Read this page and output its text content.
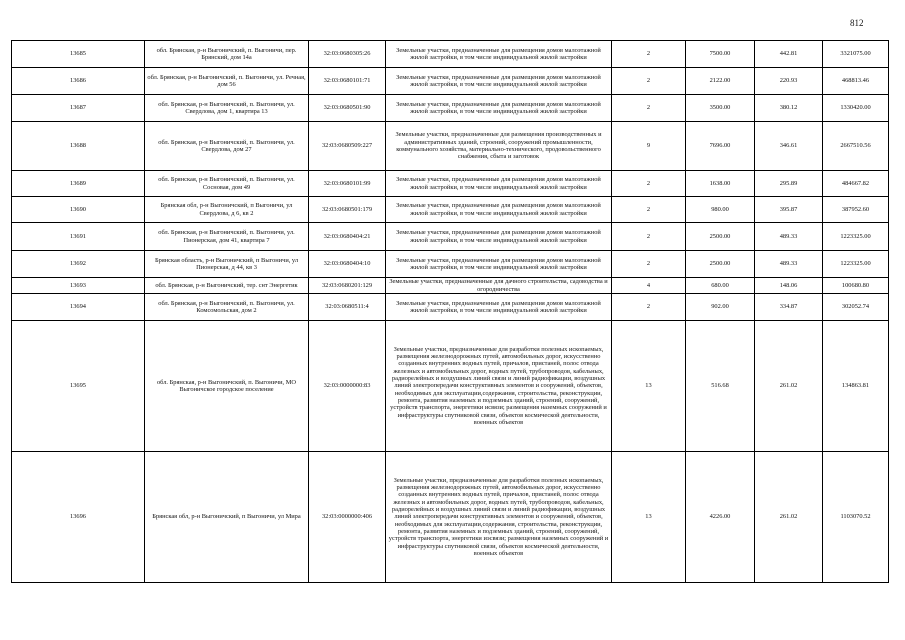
812
13685	обл. Брянская, р-н Выгоничский, п. Выгоничи, пер. Брянский, дом 14а	32:03:0680305:26	Земельные участки, предназначенные для размещения домов малоэтажной жилой застройки, в том числе индивидуальной жилой застройки	2	7500.00	442.81	3321075.00
13686	обл. Брянская, р-н Выгоничский, п. Выгоничи, ул. Речная, дом 56	32:03:0680101:71	Земельные участки, предназначенные для размещения домов малоэтажной жилой застройки, в том числе индивидуальной жилой застройки	2	2122.00	220.93	468813.46
13687	обл. Брянская, р-н Выгоничский, п. Выгоничи, ул. Свердлова, дом 1, квартира 13	32:03:0680501:90	Земельные участки, предназначенные для размещения домов малоэтажной жилой застройки, в том числе индивидуальной жилой застройки	2	3500.00	380.12	1330420.00
13688	обл. Брянская, р-н Выгоничский, п. Выгоничи, ул. Свердлова, дом 27	32:03:0680509:227	Земельные участки, предназначенные для размещения производственных и административных зданий, строений, сооружений промышленности, коммунального хозяйства, материально-технического, продовольственного снабжения, сбыта и заготовок	9	7696.00	346.61	2667510.56
13689	обл. Брянская, р-н Выгоничский, п. Выгоничи, ул. Сосновая, дом 49	32:03:0680101:99	Земельные участки, предназначенные для размещения домов малоэтажной жилой застройки, в том числе индивидуальной жилой застройки	2	1638.00	295.89	484667.82
13690	Брянская обл, р-н Выгоничский, п Выгоничи, ул Свердлова, д 6, кв 2	32:03:0680501:179	Земельные участки, предназначенные для размещения домов малоэтажной жилой застройки, в том числе индивидуальной жилой застройки	2	980.00	395.87	387952.60
13691	обл. Брянская, р-н Выгоничский, п. Выгоничи, ул. Пионерская, дом 41, квартира 7	32:03:0680404:21	Земельные участки, предназначенные для размещения домов малоэтажной жилой застройки, в том числе индивидуальной жилой застройки	2	2500.00	489.33	1223325.00
13692	Брянская область, р-н Выгоничский, п Выгоничи, ул Пионерская, д 44, кв 3	32:03:0680404:10	Земельные участки, предназначенные для размещения домов малоэтажной жилой застройки, в том числе индивидуальной жилой застройки	2	2500.00	489.33	1223325.00
13693	обл. Брянская, р-н Выгоничский, тер. снт Энергетик	32:03:0680201:129	Земельные участки, предназначенные для дачного строительства, садоводства и огородничества	4	680.00	148.06	100680.80
13694	обл. Брянская, р-н Выгоничский, п. Выгоничи, ул. Комсомольская, дом 2	32:03:0680511:4	Земельные участки, предназначенные для размещения домов малоэтажной жилой застройки, в том числе индивидуальной жилой застройки	2	902.00	334.87	302052.74
13695	обл. Брянская, р-н Выгоничский, п. Выгоничи, МО Выгоничское городское поселение	32:03:0000000:83	Земельные участки, предназначенные для разработки полезных ископаемых, размещения железнодорожных путей, автомобильных дорог, искусственно созданных внутренних водных путей, причалов, пристаней, полос отвода железных и автомобильных дорог, водных путей, трубопроводов, кабельных, радиорелейных и воздушных линий связи и линий радиофикации, воздушных линий электропередачи конструктивных элементов и сооружений, объектов, необходимых для эксплуатации,содержания, строительства, реконструкции, ремонта, развития наземных и подземных зданий, строений, сооружений, устройств транспорта, энергетики исвязи; размещения наземных сооружений и инфраструктуры спутниковой связи, объектов космической деятельности, военных объектов	13	516.68	261.02	134863.81
13696	Брянская обл, р-н Выгоничский, п Выгоничи, ул Мира	32:03:0000000:406	Земельные участки, предназначенные для разработки полезных ископаемых, размещения железнодорожных путей, автомобильных дорог, искусственно созданных внутренних водных путей, причалов, пристаней, полос отвода железных и автомобильных дорог, водных путей, трубопроводов, кабельных, радиорелейных и воздушных линий связи и линий радиофикации, воздушных линий электропередачи конструктивных элементов и сооружений, объектов, необходимых для эксплуатации,содержания, строительства, реконструкции, ремонта, развития наземных и подземных зданий, строений, сооружений, устройств транспорта, энергетики иэсвязи; размещения наземных сооружений и инфраструктуры спутниковой связи, объектов космической деятельности, военных объектов	13	4226.00	261.02	1103070.52
